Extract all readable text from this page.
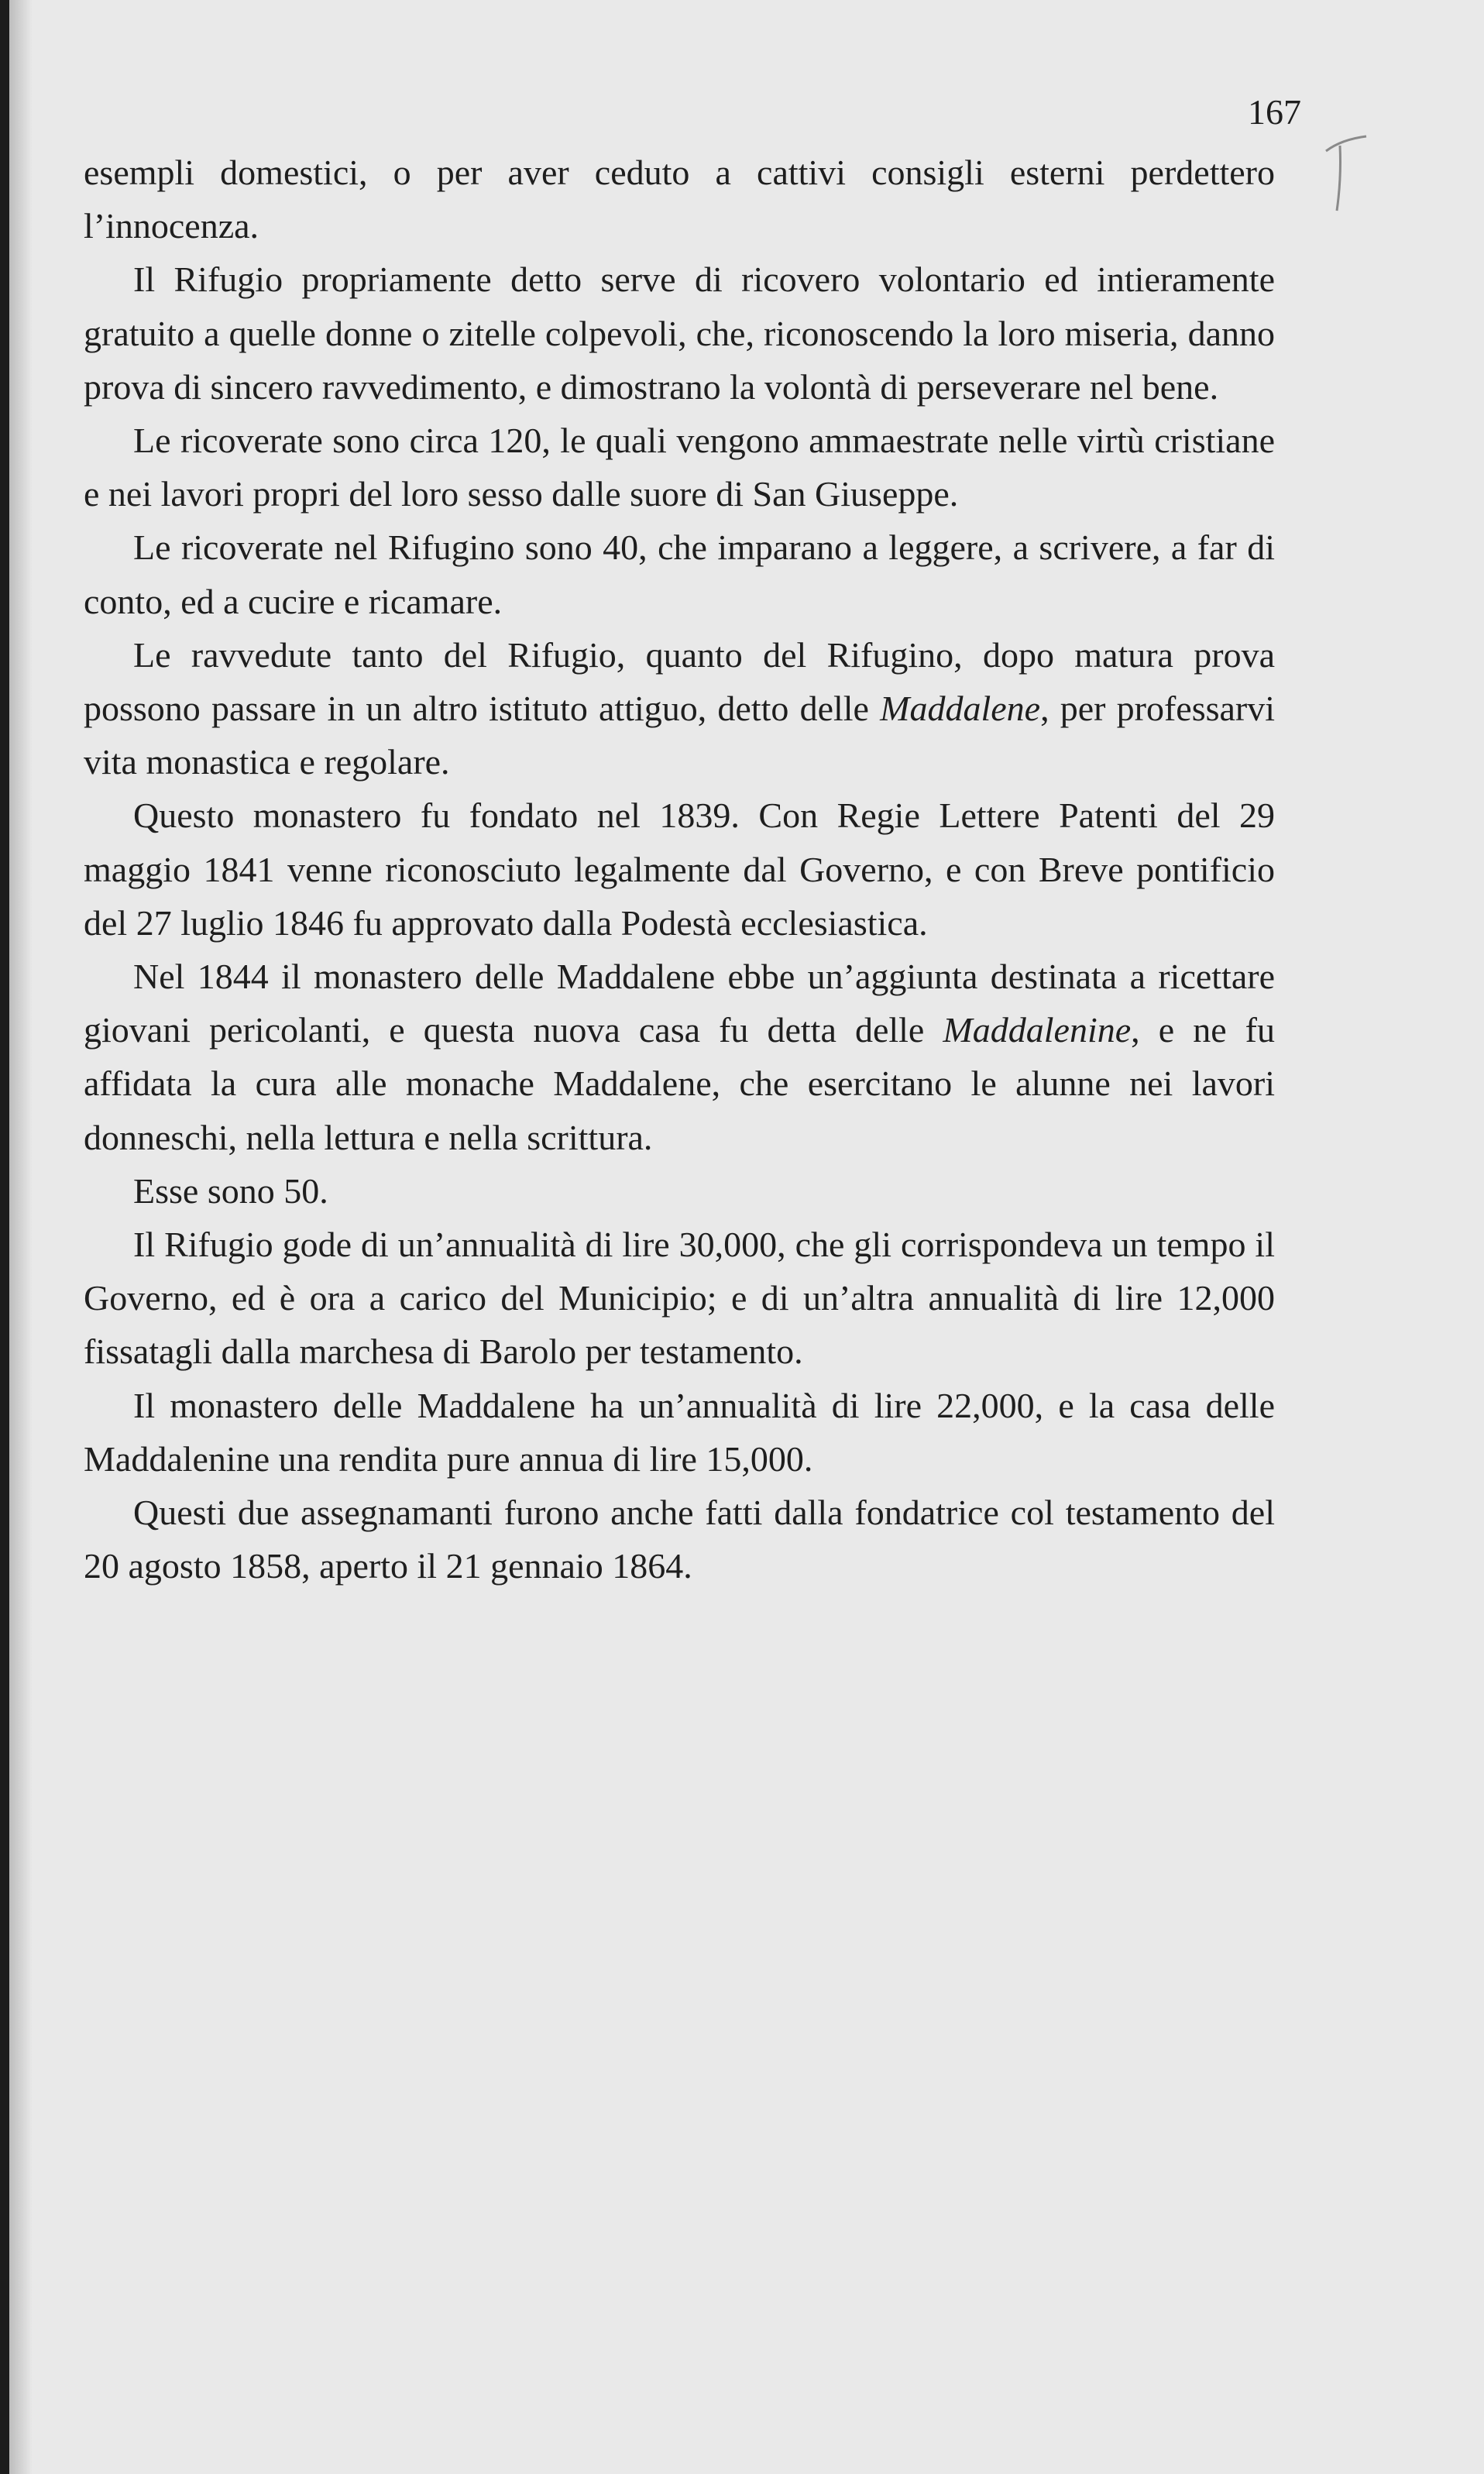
167

esempli domestici, o per aver ceduto a cattivi consigli esterni perdettero l’innocenza.

Il Rifugio propriamente detto serve di ricovero volontario ed intieramente gratuito a quelle donne o zitelle colpevoli, che, riconoscendo la loro miseria, danno prova di sincero ravvedimento, e dimostrano la volontà di perseverare nel bene.

Le ricoverate sono circa 120, le quali vengono ammaestrate nelle virtù cristiane e nei lavori propri del loro sesso dalle suore di San Giuseppe.

Le ricoverate nel Rifugino sono 40, che imparano a leggere, a scrivere, a far di conto, ed a cucire e ricamare.

Le ravvedute tanto del Rifugio, quanto del Rifugino, dopo matura prova possono passare in un altro istituto attiguo, detto delle Maddalene, per professarvi vita monastica e regolare.

Questo monastero fu fondato nel 1839. Con Regie Lettere Patenti del 29 maggio 1841 venne riconosciuto legalmente dal Governo, e con Breve pontificio del 27 luglio 1846 fu approvato dalla Podestà ecclesiastica.

Nel 1844 il monastero delle Maddalene ebbe un’aggiunta destinata a ricettare giovani pericolanti, e questa nuova casa fu detta delle Maddalenine, e ne fu affidata la cura alle monache Maddalene, che esercitano le alunne nei lavori donneschi, nella lettura e nella scrittura.

Esse sono 50.

Il Rifugio gode di un’annualità di lire 30,000, che gli corrispondeva un tempo il Governo, ed è ora a carico del Municipio; e di un’altra annualità di lire 12,000 fissatagli dalla marchesa di Barolo per testamento.

Il monastero delle Maddalene ha un’annualità di lire 22,000, e la casa delle Maddalenine una rendita pure annua di lire 15,000.

Questi due assegnamanti furono anche fatti dalla fondatrice col testamento del 20 agosto 1858, aperto il 21 gennaio 1864.
